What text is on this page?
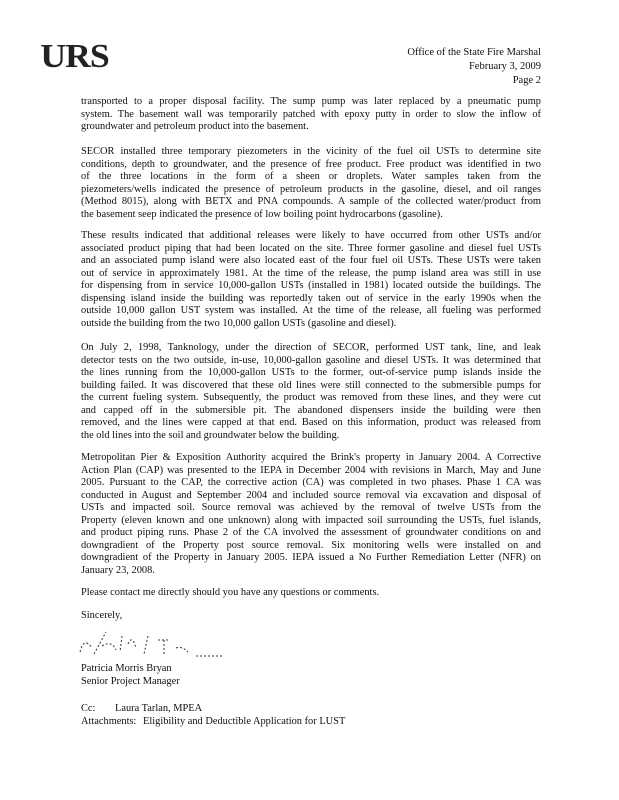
URS	Office of the State Fire Marshal
February 3, 2009
Page 2
transported to a proper disposal facility. The sump pump was later replaced by a pneumatic pump
system. The basement wall was temporarily patched with epoxy putty in order to slow the inflow of
groundwater and petroleum product into the basement.
SECOR installed three temporary piezometers in the vicinity of the fuel oil USTs to determine site
conditions, depth to groundwater, and the presence of free product. Free product was identified in two
of the three locations in the form of a sheen or droplets. Water samples taken from the
piezometers/wells indicated the presence of petroleum products in the gasoline, diesel, and oil ranges
(Method 8015), along with BETX and PNA compounds. A sample of the collected water/product from
the basement seep indicated the presence of low boiling point hydrocarbons (gasoline).
These results indicated that additional releases were likely to have occurred from other USTs and/or
associated product piping that had been located on the site. Three former gasoline and diesel fuel USTs
and an associated pump island were also located east of the four fuel oil USTs. These USTs were taken
out of service in approximately 1981. At the time of the release, the pump island area was still in use
for dispensing from in service 10,000-gallon USTs (installed in 1981) located outside the buildings. The
dispensing island inside the building was reportedly taken out of service in the early 1990s when the
outside 10,000 gallon UST system was installed. At the time of the release, all fueling was performed
outside the building from the two 10,000 gallon USTs (gasoline and diesel).
On July 2, 1998, Tanknology, under the direction of SECOR, performed UST tank, line, and leak
detector tests on the two outside, in-use, 10,000-gallon gasoline and diesel USTs. It was determined that
the lines running from the 10,000-gallon USTs to the former, out-of-service pump islands inside the
building failed. It was discovered that these old lines were still connected to the submersible pumps for
the current fueling system. Subsequently, the product was removed from these lines, and they were cut
and capped off in the submersible pit. The abandoned dispensers inside the building were then
removed, and the lines were capped at that end. Based on this information, product was released from
the old lines into the soil and groundwater below the building.
Metropolitan Pier & Exposition Authority acquired the Brink's property in January 2004. A Corrective
Action Plan (CAP) was presented to the IEPA in December 2004 with revisions in March, May and June
2005. Pursuant to the CAP, the corrective action (CA) was completed in two phases. Phase 1 CA was
conducted in August and September 2004 and included source removal via excavation and disposal of
USTs and impacted soil. Source removal was achieved by the removal of twelve USTs from the
Property (eleven known and one unknown) along with impacted soil surrounding the USTs, fuel islands,
and product piping runs. Phase 2 of the CA involved the assessment of groundwater conditions on and
downgradient of the Property post source removal. Six monitoring wells were installed on and
downgradient of the Property in January 2005. IEPA issued a No Further Remediation Letter (NFR) on
January 23, 2008.
Please contact me directly should you have any questions or comments.
Sincerely,
Patricia Morris Bryan
Senior Project Manager
Cc: Laura Tarlan, MPEA
Attachments: Eligibility and Deductible Application for LUST
